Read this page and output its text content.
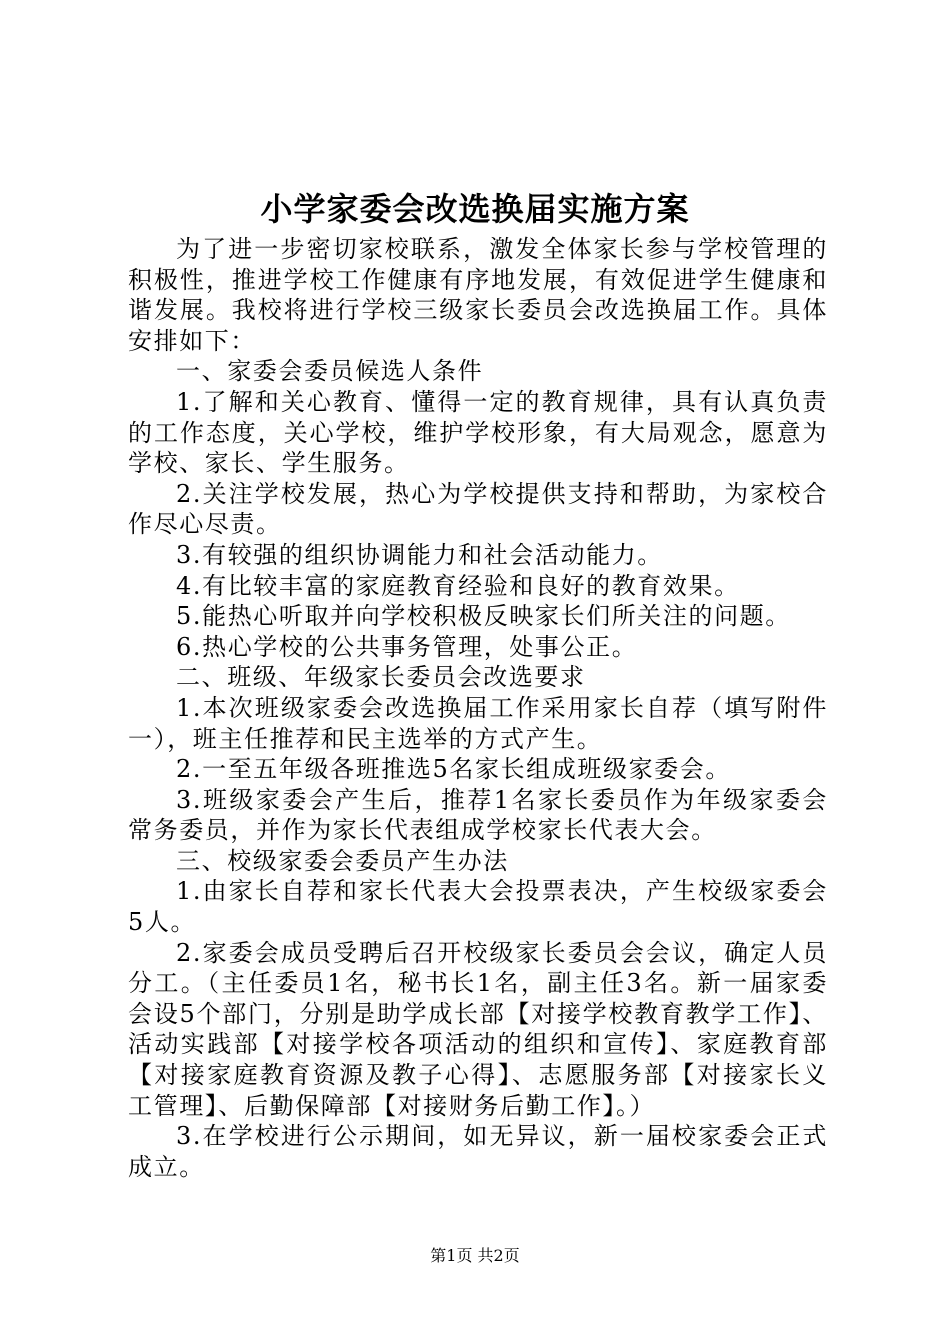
小学家委会改选换届实施方案

为了进一步密切家校联系，激发全体家长参与学校管理的积极性，推进学校工作健康有序地发展，有效促进学生健康和谐发展。我校将进行学校三级家长委员会改选换届工作。具体安排如下：

一、家委会委员候选人条件

1.了解和关心教育、懂得一定的教育规律，具有认真负责的工作态度，关心学校，维护学校形象，有大局观念，愿意为学校、家长、学生服务。

2.关注学校发展，热心为学校提供支持和帮助，为家校合作尽心尽责。

3.有较强的组织协调能力和社会活动能力。

4.有比较丰富的家庭教育经验和良好的教育效果。

5.能热心听取并向学校积极反映家长们所关注的问题。

6.热心学校的公共事务管理，处事公正。

二、班级、年级家长委员会改选要求

1.本次班级家委会改选换届工作采用家长自荐（填写附件一），班主任推荐和民主选举的方式产生。

2.一至五年级各班推选5名家长组成班级家委会。

3.班级家委会产生后，推荐1名家长委员作为年级家委会常务委员，并作为家长代表组成学校家长代表大会。

三、校级家委会委员产生办法

1.由家长自荐和家长代表大会投票表决，产生校级家委会5人。

2.家委会成员受聘后召开校级家长委员会会议，确定人员分工。（主任委员1名，秘书长1名，副主任3名。新一届家委会设5个部门，分别是助学成长部【对接学校教育教学工作】、活动实践部【对接学校各项活动的组织和宣传】、家庭教育部【对接家庭教育资源及教子心得】、志愿服务部【对接家长义工管理】、后勤保障部【对接财务后勤工作】。）

3.在学校进行公示期间，如无异议，新一届校家委会正式成立。

第1页 共2页
